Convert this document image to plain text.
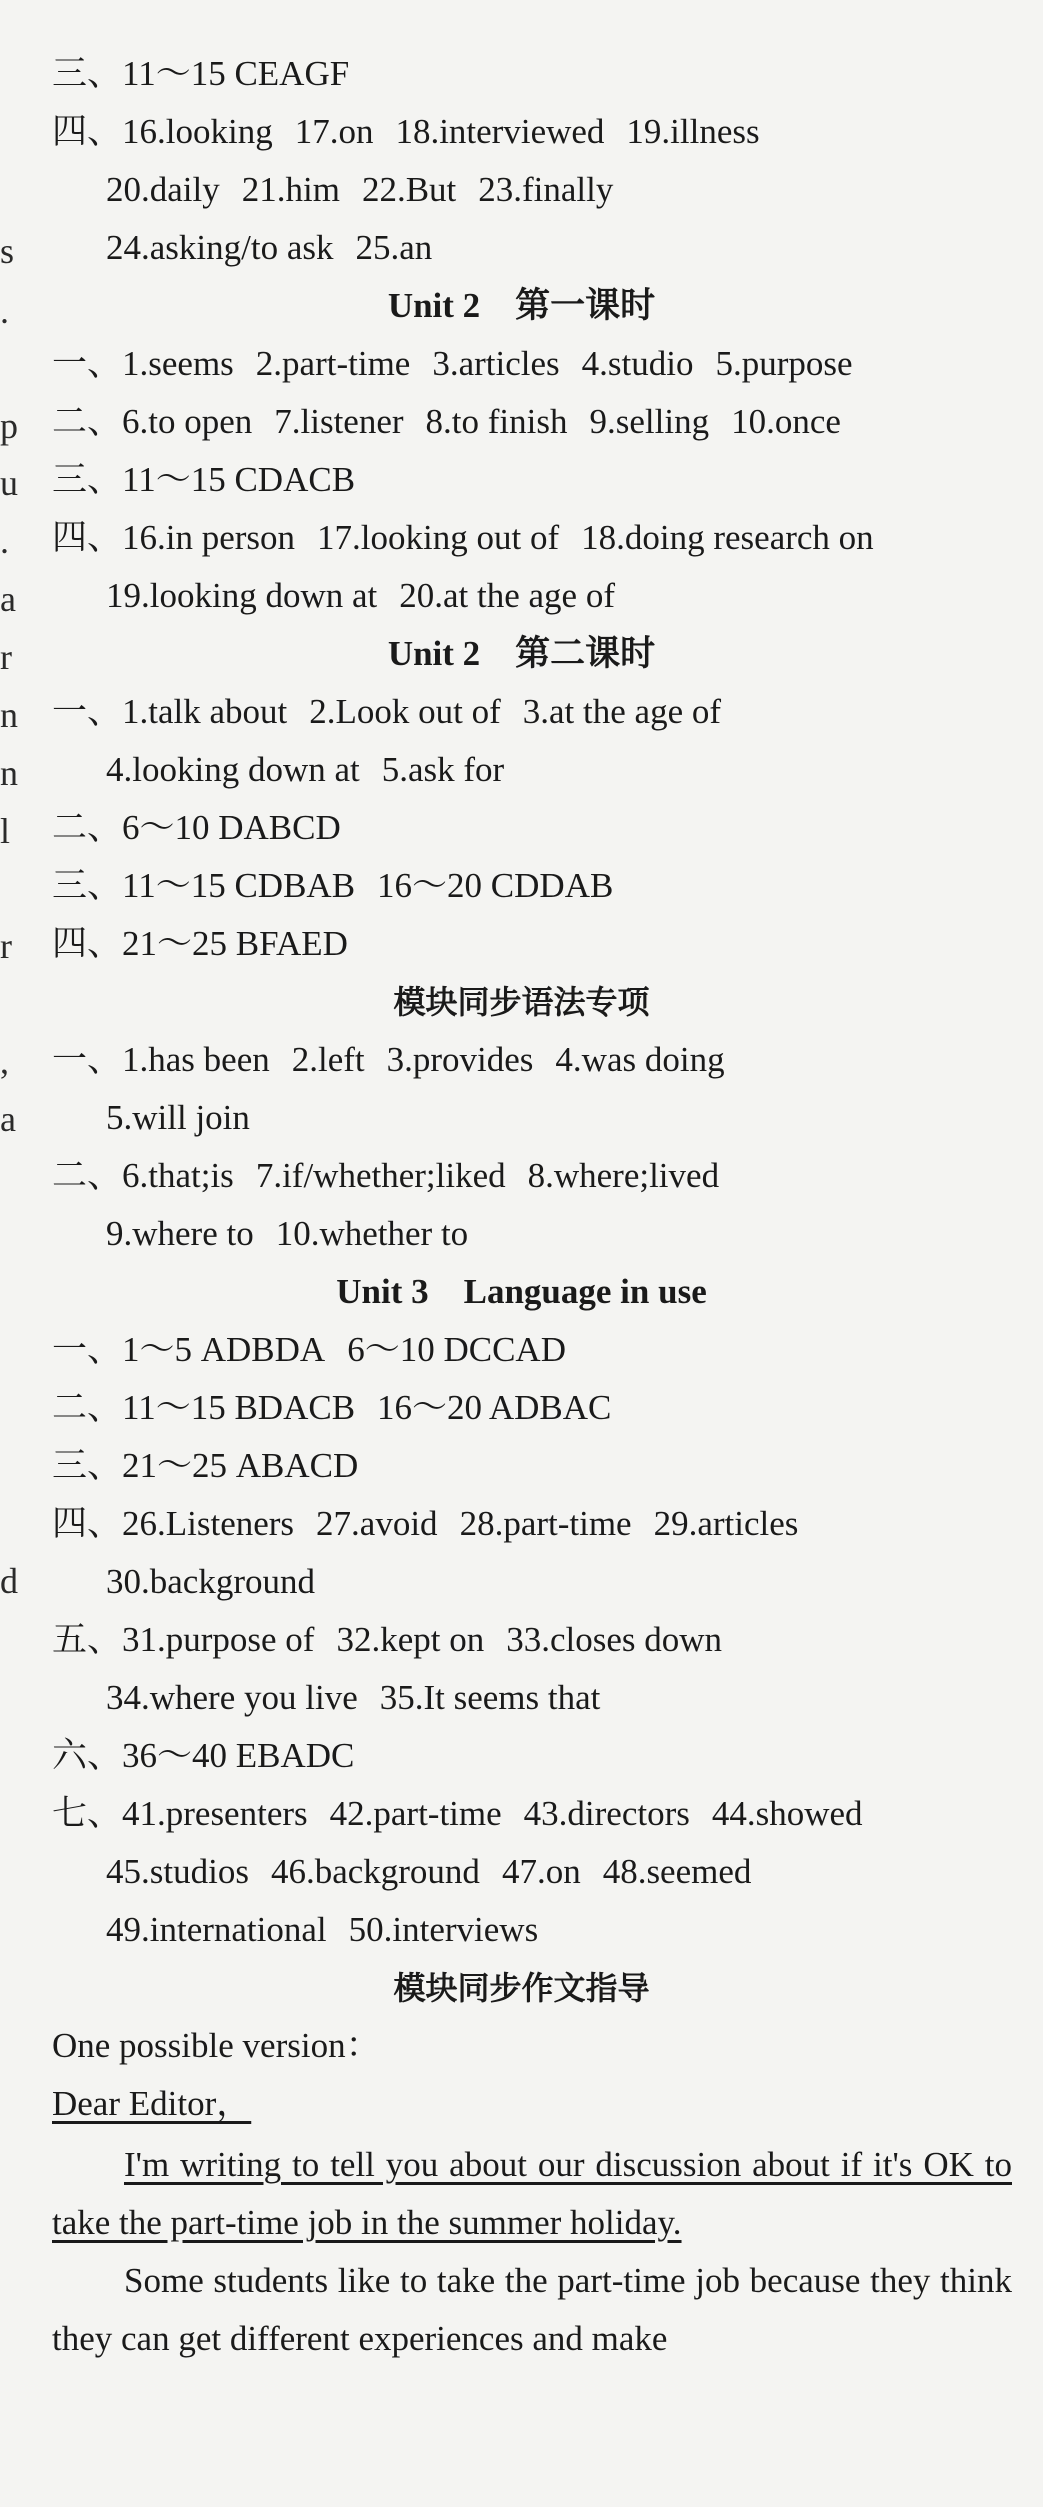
s
.
p
u
.
a
r
n
n
l
r
,
a
d
三、11～15 CEAGF
四、16.looking 17.on 18.interviewed 19.illness
20.daily 21.him 22.But 23.finally
24.asking/to ask 25.an
Unit 2　第一课时
一、1.seems 2.part-time 3.articles 4.studio 5.purpose
二、6.to open 7.listener 8.to finish 9.selling 10.once
三、11～15 CDACB
四、16.in person 17.looking out of 18.doing research on
19.looking down at 20.at the age of
Unit 2　第二课时
一、1.talk about 2.Look out of 3.at the age of
4.looking down at 5.ask for
二、6～10 DABCD
三、11～15 CDBAB 16～20 CDDAB
四、21～25 BFAED
模块同步语法专项
一、1.has been 2.left 3.provides 4.was doing
5.will join
二、6.that;is 7.if/whether;liked 8.where;lived
9.where to 10.whether to
Unit 3　Language in use
一、1～5 ADBDA 6～10 DCCAD
二、11～15 BDACB 16～20 ADBAC
三、21～25 ABACD
四、26.Listeners 27.avoid 28.part-time 29.articles
30.background
五、31.purpose of 32.kept on 33.closes down
34.where you live 35.It seems that
六、36～40 EBADC
七、41.presenters 42.part-time 43.directors 44.showed
45.studios 46.background 47.on 48.seemed
49.international 50.interviews
模块同步作文指导
One possible version：
Dear Editor，
I'm writing to tell you about our discussion about if it's OK to take the part-time job in the summer holiday.
Some students like to take the part-time job because they think they can get different experiences and make
